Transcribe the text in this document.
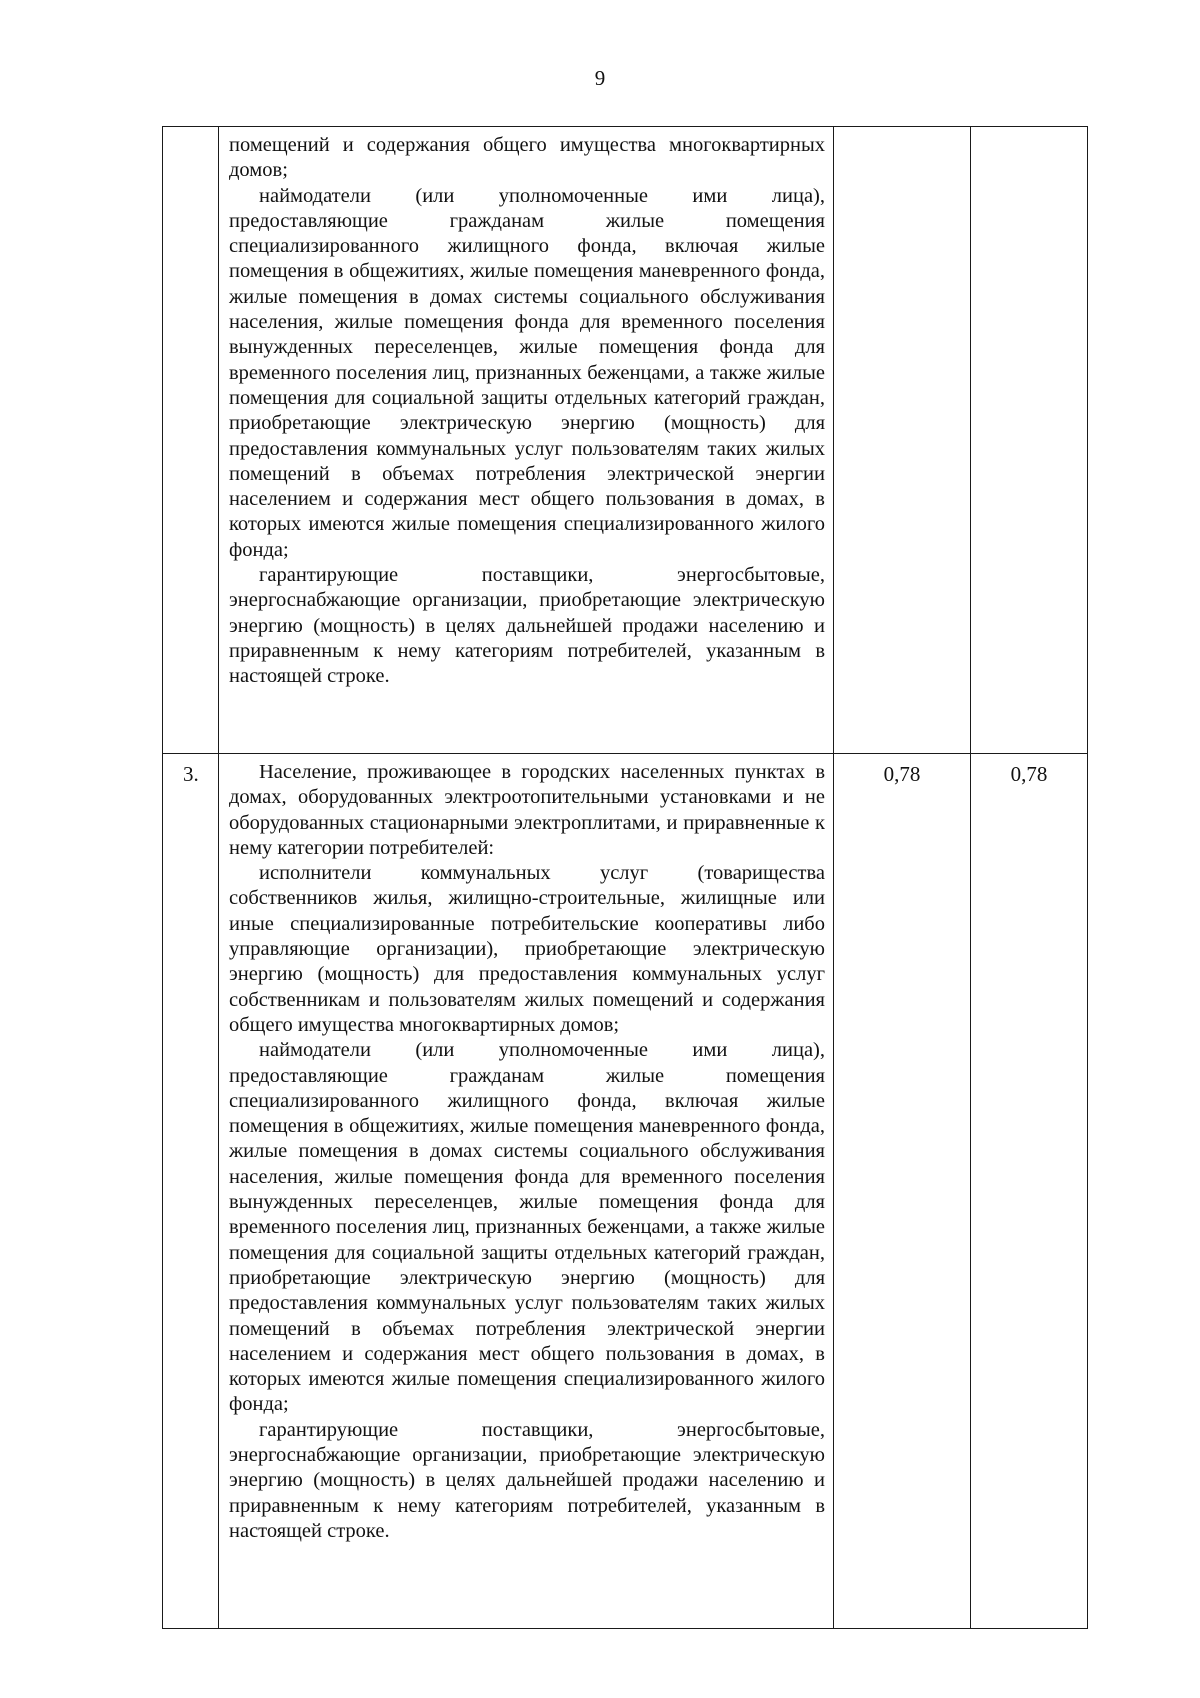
9

	помещений и содержания общего имущества многоквартирных домов;

наймодатели (или уполномоченные ими лица), предоставляющие гражданам жилые помещения специализированного жилищного фонда, включая жилые помещения в общежитиях, жилые помещения маневренного фонда, жилые помещения в домах системы социального обслуживания населения, жилые помещения фонда для временного поселения вынужденных переселенцев, жилые помещения фонда для временного поселения лиц, признанных беженцами, а также жилые помещения для социальной защиты отдельных категорий граждан, приобретающие электрическую энергию (мощность) для предоставления коммунальных услуг пользователям таких жилых помещений в объемах потребления электрической энергии населением и содержания мест общего пользования в домах, в которых имеются жилые помещения специализированного жилого фонда;

гарантирующие поставщики, энергосбытовые, энергоснабжающие организации, приобретающие электрическую энергию (мощность) в целях дальнейшей продажи населению и приравненным к нему категориям потребителей, указанным в настоящей строке.		

3.	Население, проживающее в городских населенных пунктах в домах, оборудованных электроотопительными установками и не оборудованных стационарными электроплитами, и приравненные к нему категории потребителей:

исполнители коммунальных услуг (товарищества собственников жилья, жилищно-строительные, жилищные или иные специализированные потребительские кооперативы либо управляющие организации), приобретающие электрическую энергию (мощность) для предоставления коммунальных услуг собственникам и пользователям жилых помещений и содержания общего имущества многоквартирных домов;

наймодатели (или уполномоченные ими лица), предоставляющие гражданам жилые помещения специализированного жилищного фонда, включая жилые помещения в общежитиях, жилые помещения маневренного фонда, жилые помещения в домах системы социального обслуживания населения, жилые помещения фонда для временного поселения вынужденных переселенцев, жилые помещения фонда для временного поселения лиц, признанных беженцами, а также жилые помещения для социальной защиты отдельных категорий граждан, приобретающие электрическую энергию (мощность) для предоставления коммунальных услуг пользователям таких жилых помещений в объемах потребления электрической энергии населением и содержания мест общего пользования в домах, в которых имеются жилые помещения специализированного жилого фонда;

гарантирующие поставщики, энергосбытовые, энергоснабжающие организации, приобретающие электрическую энергию (мощность) в целях дальнейшей продажи населению и приравненным к нему категориям потребителей, указанным в настоящей строке.	0,78	0,78
